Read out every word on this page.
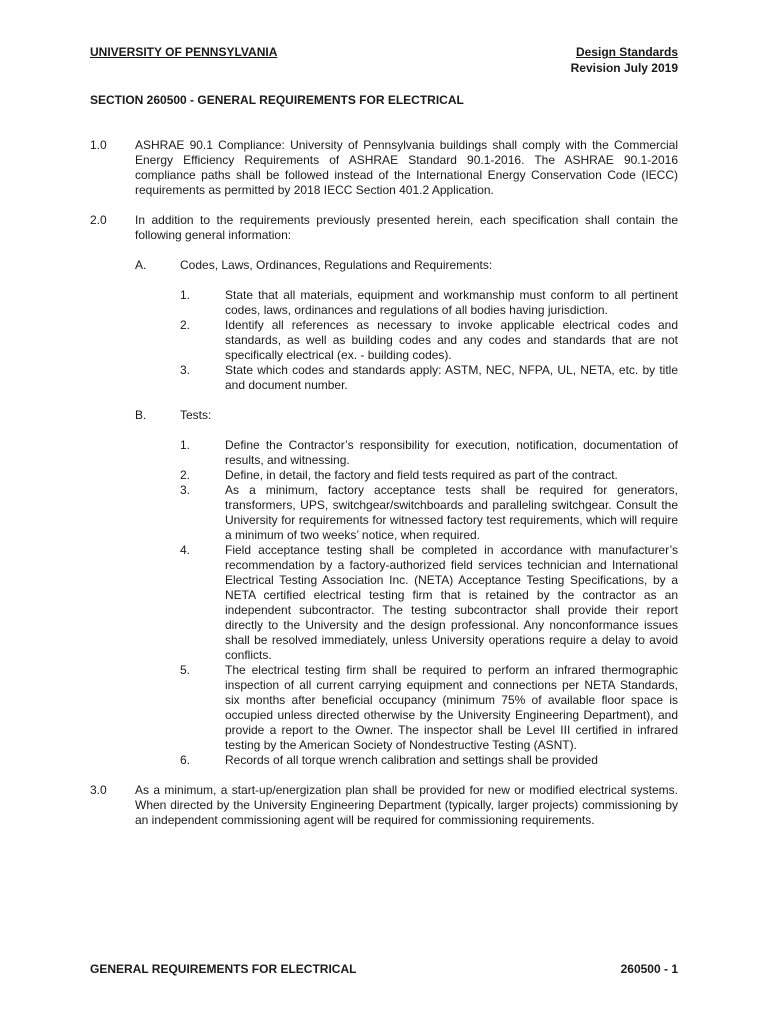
UNIVERSITY OF PENNSYLVANIA	Design Standards
Revision July 2019
SECTION 260500 - GENERAL REQUIREMENTS FOR ELECTRICAL
1.0 ASHRAE 90.1 Compliance: University of Pennsylvania buildings shall comply with the Commercial Energy Efficiency Requirements of ASHRAE Standard 90.1-2016. The ASHRAE 90.1-2016 compliance paths shall be followed instead of the International Energy Conservation Code (IECC) requirements as permitted by 2018 IECC Section 401.2 Application.
2.0 In addition to the requirements previously presented herein, each specification shall contain the following general information:
A.	Codes, Laws, Ordinances, Regulations and Requirements:
1.	State that all materials, equipment and workmanship must conform to all pertinent codes, laws, ordinances and regulations of all bodies having jurisdiction.
2.	Identify all references as necessary to invoke applicable electrical codes and standards, as well as building codes and any codes and standards that are not specifically electrical (ex. - building codes).
3.	State which codes and standards apply: ASTM, NEC, NFPA, UL, NETA, etc. by title and document number.
B.	Tests:
1.	Define the Contractor’s responsibility for execution, notification, documentation of results, and witnessing.
2.	Define, in detail, the factory and field tests required as part of the contract.
3.	As a minimum, factory acceptance tests shall be required for generators, transformers, UPS, switchgear/switchboards and paralleling switchgear. Consult the University for requirements for witnessed factory test requirements, which will require a minimum of two weeks’ notice, when required.
4.	Field acceptance testing shall be completed in accordance with manufacturer’s recommendation by a factory-authorized field services technician and International Electrical Testing Association Inc. (NETA) Acceptance Testing Specifications, by a NETA certified electrical testing firm that is retained by the contractor as an independent subcontractor. The testing subcontractor shall provide their report directly to the University and the design professional. Any nonconformance issues shall be resolved immediately, unless University operations require a delay to avoid conflicts.
5.	The electrical testing firm shall be required to perform an infrared thermographic inspection of all current carrying equipment and connections per NETA Standards, six months after beneficial occupancy (minimum 75% of available floor space is occupied unless directed otherwise by the University Engineering Department), and provide a report to the Owner. The inspector shall be Level III certified in infrared testing by the American Society of Nondestructive Testing (ASNT).
6.	Records of all torque wrench calibration and settings shall be provided
3.0 As a minimum, a start-up/energization plan shall be provided for new or modified electrical systems. When directed by the University Engineering Department (typically, larger projects) commissioning by an independent commissioning agent will be required for commissioning requirements.
GENERAL REQUIREMENTS FOR ELECTRICAL	260500 - 1
